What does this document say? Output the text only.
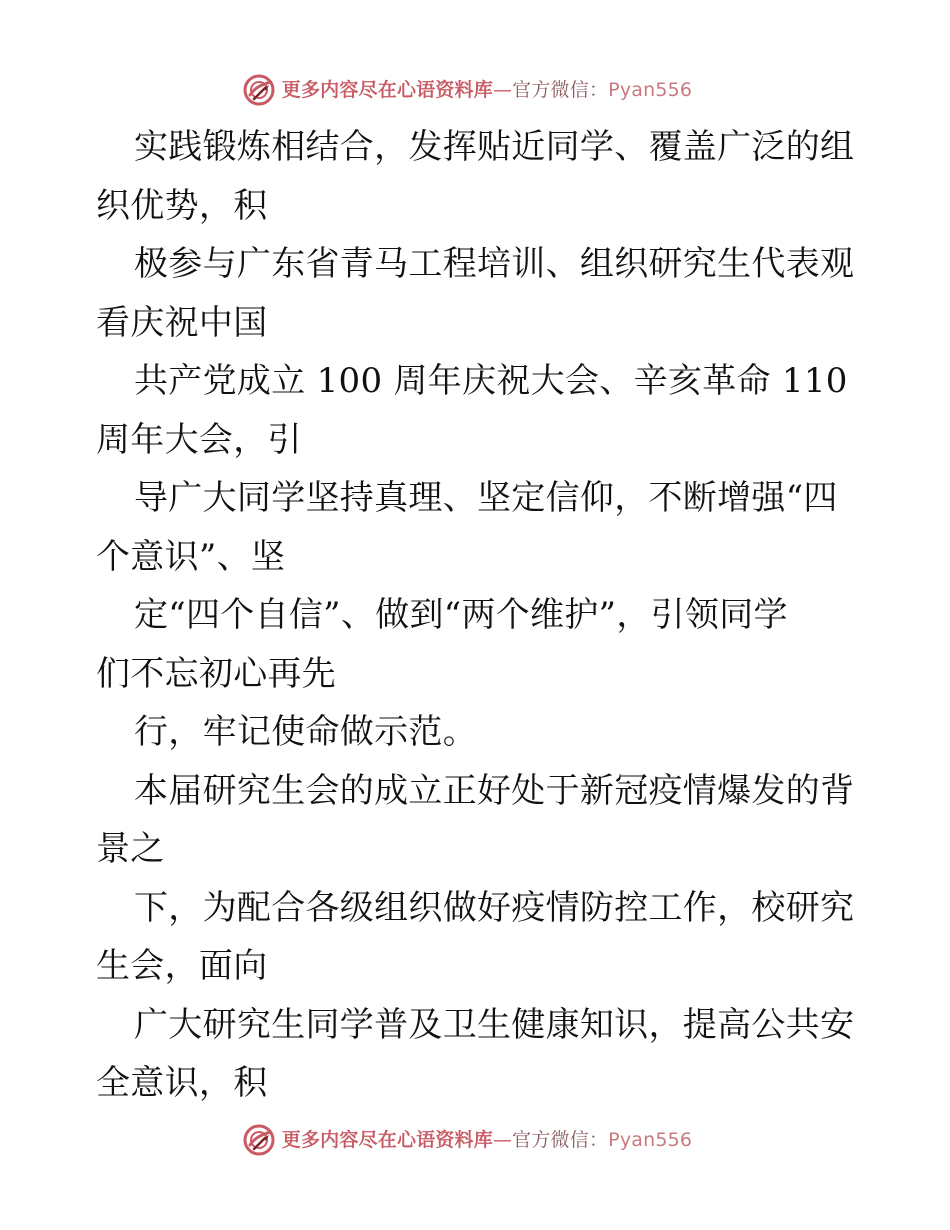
更多内容尽在心语资料库—官方微信：Pyan556
实践锻炼相结合，发挥贴近同学、覆盖广泛的组
织优势，积
极参与广东省青马工程培训、组织研究生代表观
看庆祝中国
共产党成立 100 周年庆祝大会、辛亥革命 110
周年大会，引
导广大同学坚持真理、坚定信仰，不断增强“四
个意识”、坚
定“四个自信”、做到“两个维护”，引领同学
们不忘初心再先
行，牢记使命做示范。
本届研究生会的成立正好处于新冠疫情爆发的背
景之
下，为配合各级组织做好疫情防控工作，校研究
生会，面向
广大研究生同学普及卫生健康知识，提高公共安
全意识，积
更多内容尽在心语资料库—官方微信：Pyan556
